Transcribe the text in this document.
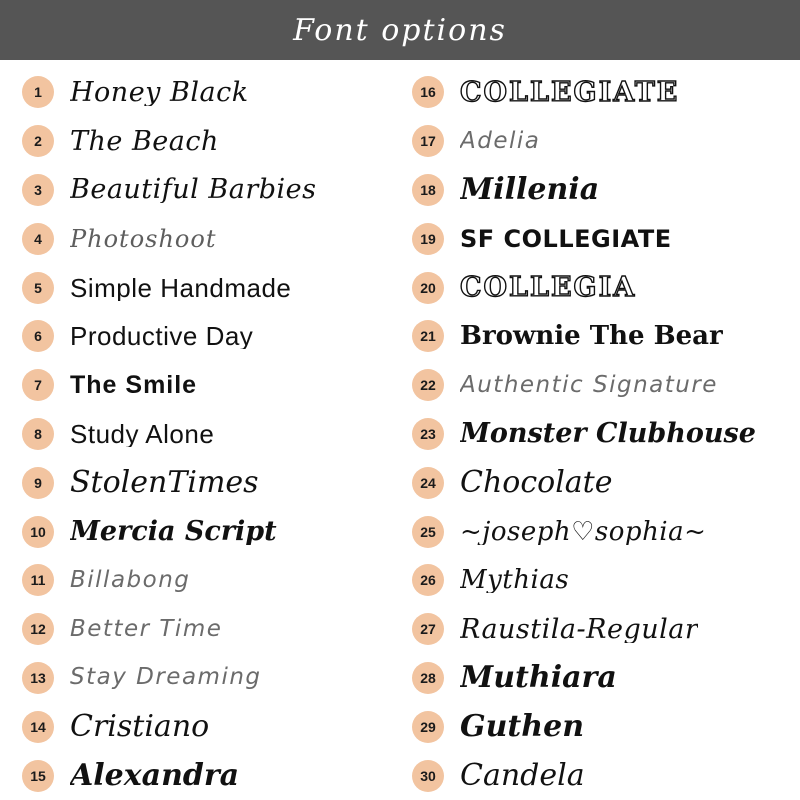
Font options
1	Honey Black
2	The Beach
3	Beautiful Barbies
4	Photoshoot
5	Simple Handmade
6	Productive Day
7	The Smile
8	Study Alone
9 StolenTimes
10 Mercia Script
11	Billabong
12	Better Time
13	Stay Dreaming
14 Cristiano
15 Alexandra
16 COLLEGIATE
17	Adelia
18 Millenia
19	SF COLLEGIATE
20 COLLEGIA
21 Brownie The Bear
22	Authentic Signature
23 Monster Clubhouse
24 Chocolate
25 ~joseph♡sophia~
26 Mythias
27 Raustila-Regular
28 Muthiara
29 Guthen
30 Candela
